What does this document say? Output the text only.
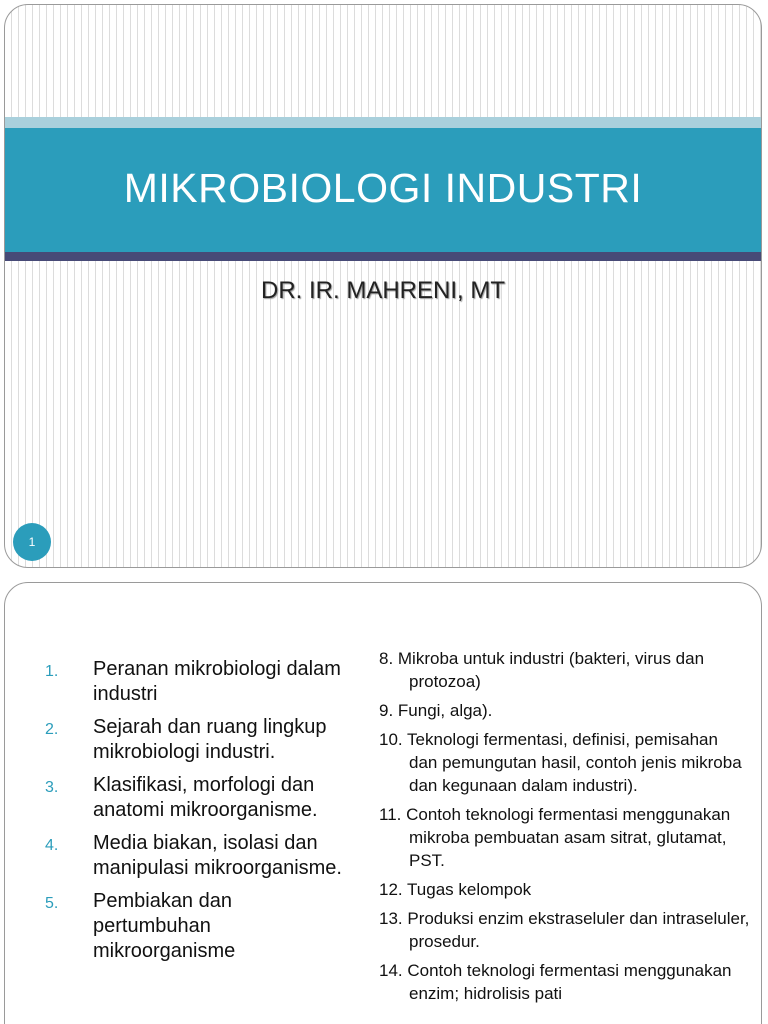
MIKROBIOLOGI INDUSTRI
DR. IR. MAHRENI, MT
1
1.	Peranan mikrobiologi dalam industri
2.	Sejarah dan ruang lingkup mikrobiologi industri.
3.	Klasifikasi, morfologi dan anatomi mikroorganisme.
4.	Media biakan, isolasi dan manipulasi mikroorganisme.
5.	Pembiakan dan pertumbuhan mikroorganisme
8. Mikroba untuk industri (bakteri, virus dan protozoa)
9. Fungi, alga).
10. Teknologi fermentasi, definisi, pemisahan dan pemungutan hasil, contoh jenis mikroba dan kegunaan dalam industri).
11. Contoh teknologi fermentasi menggunakan mikroba pembuatan asam sitrat, glutamat, PST.
12. Tugas kelompok
13. Produksi enzim ekstraseluler dan intraseluler, prosedur.
14. Contoh teknologi fermentasi menggunakan enzim; hidrolisis pati
